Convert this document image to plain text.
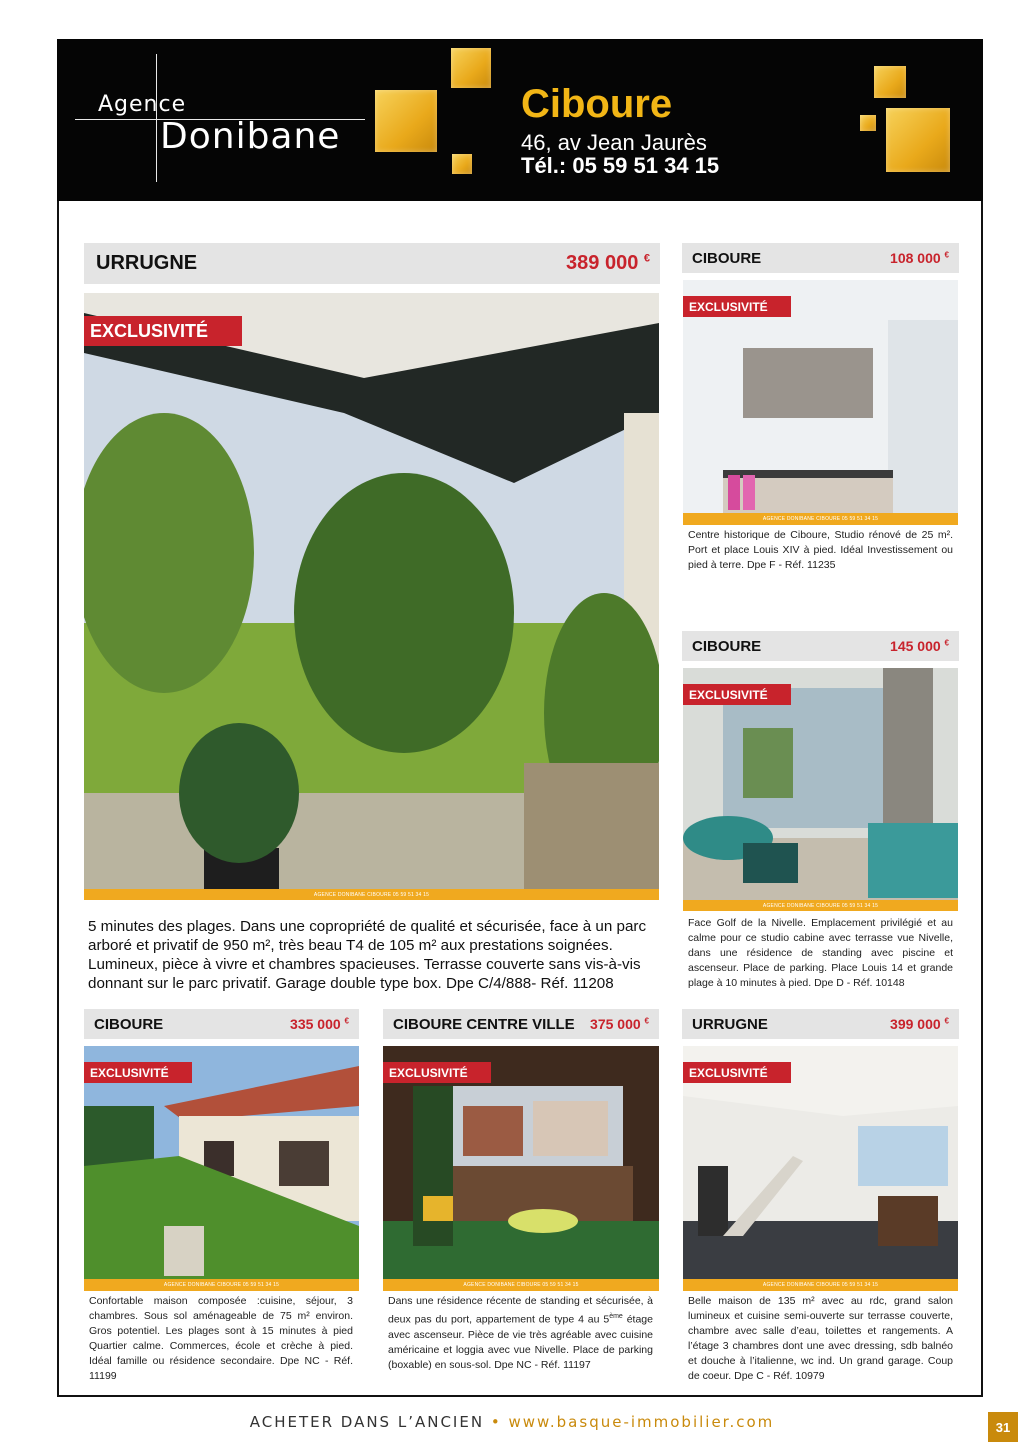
Agence
Donibane
Ciboure
46, av Jean Jaurès
Tél.: 05 59 51 34 15
URRUGNE	389 000 €
EXCLUSIVITÉ
AGENCE DONIBANE CIBOURE 05 59 51 34 15
5 minutes des plages. Dans une copropriété de qualité et sécurisée, face à un parc arboré et privatif de 950 m², très beau T4 de 105 m² aux prestations soignées. Lumineux, pièce à vivre et chambres spacieuses. Terrasse couverte sans vis-à-vis donnant sur le parc privatif. Garage double type box. Dpe C/4/888- Réf. 11208
CIBOURE	108 000 €
EXCLUSIVITÉ
AGENCE DONIBANE CIBOURE 05 59 51 34 15
Centre historique de Ciboure, Studio rénové de 25 m². Port et place Louis XIV à pied. Idéal Investissement ou pied à terre. Dpe F - Réf. 11235
CIBOURE	145 000 €
EXCLUSIVITÉ
AGENCE DONIBANE CIBOURE 05 59 51 34 15
Face Golf de la Nivelle. Emplacement privilégié et au calme pour ce studio cabine avec terrasse vue Nivelle, dans une résidence de standing avec piscine et ascenseur. Place de parking. Place Louis 14 et grande plage à 10 minutes à pied. Dpe D - Réf. 10148
CIBOURE	335 000 €
EXCLUSIVITÉ
AGENCE DONIBANE CIBOURE 05 59 51 34 15
Confortable maison composée :cuisine, séjour, 3 chambres. Sous sol aménageable de 75 m² environ. Gros potentiel. Les plages sont à 15 minutes à pied Quartier calme. Commerces, école et crèche à pied. Idéal famille ou résidence secondaire. Dpe NC - Réf. 11199
CIBOURE CENTRE VILLE 375 000 €
EXCLUSIVITÉ
AGENCE DONIBANE CIBOURE 05 59 51 34 15
Dans une résidence récente de standing et sécurisée, à deux pas du port, appartement de type 4 au 5ème étage avec ascenseur. Pièce de vie très agréable avec cuisine américaine et loggia avec vue Nivelle. Place de parking (boxable) en sous-sol. Dpe NC - Réf. 11197
URRUGNE	399 000 €
EXCLUSIVITÉ
AGENCE DONIBANE CIBOURE 05 59 51 34 15
Belle maison de 135 m² avec au rdc, grand salon lumineux et cuisine semi-ouverte sur terrasse couverte, chambre avec salle d’eau, toilettes et rangements. A l’étage 3 chambres dont une avec dressing, sdb balnéo et douche à l’italienne, wc ind. Un grand garage. Coup de coeur. Dpe C - Réf. 10979
ACHETER DANS L’ANCIEN • www.basque-immobilier.com	31
